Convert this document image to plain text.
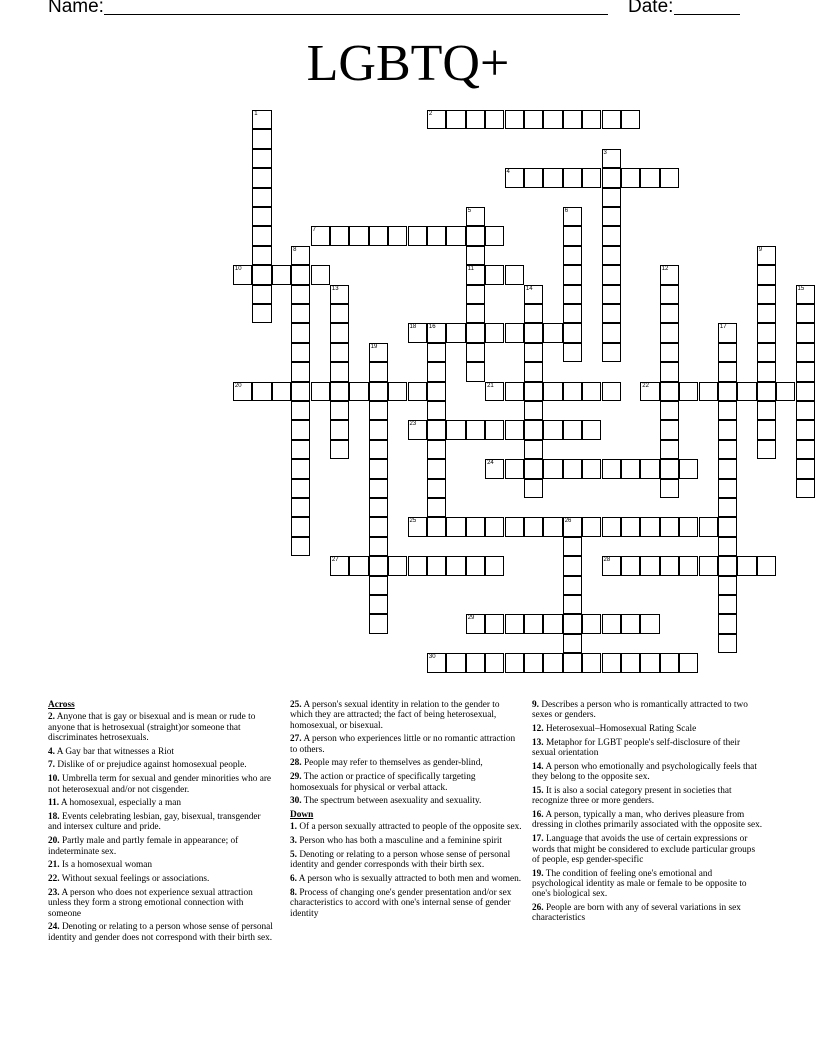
Name:	Date:
LGBTQ+
1	2
3
4
5
11
6
7
8	9
10	12
13	14	15
16	17
18
19
20	21	22
23
24
25	26
27	28
29
30

Across

2. Anyone that is gay or bisexual and is mean or rude to anyone that is hetrosexual (straight)or someone that discriminates hetrosexuals.

4. A Gay bar that witnesses a Riot

7. Dislike of or prejudice against homosexual people.

10. Umbrella term for sexual and gender minorities who are not heterosexual and/or not cisgender.

11. A homosexual, especially a man

18. Events celebrating lesbian, gay, bisexual, transgender and intersex culture and pride.

20. Partly male and partly female in appearance; of indeterminate sex.

21. Is a homosexual woman

22. Without sexual feelings or associations.

23. A person who does not experience sexual attraction unless they form a strong emotional connection with someone

24. Denoting or relating to a person whose sense of personal identity and gender does not correspond with their birth sex.

25. A person's sexual identity in relation to the gender to which they are attracted; the fact of being heterosexual, homosexual, or bisexual.

27. A person who experiences little or no romantic attraction to others.

28. People may refer to themselves as gender-blind,

29. The action or practice of specifically targeting homosexuals for physical or verbal attack.

30. The spectrum between asexuality and sexuality.

Down

1. Of a person sexually attracted to people of the opposite sex.

3. Person who has both a masculine and a feminine spirit

5. Denoting or relating to a person whose sense of personal identity and gender corresponds with their birth sex.

6. A person who is sexually attracted to both men and women.

8. Process of changing one's gender presentation and/or sex characteristics to accord with one's internal sense of gender identity

9. Describes a person who is romantically attracted to two sexes or genders.

12. Heterosexual–Homosexual Rating Scale

13. Metaphor for LGBT people's self-disclosure of their sexual orientation

14. A person who emotionally and psychologically feels that they belong to the opposite sex.

15. It is also a social category present in societies that recognize three or more genders.

16. A person, typically a man, who derives pleasure from dressing in clothes primarily associated with the opposite sex.

17. Language that avoids the use of certain expressions or words that might be considered to exclude particular groups of people, esp gender-specific

19. The condition of feeling one's emotional and psychological identity as male or female to be opposite to one's biological sex.

26. People are born with any of several variations in sex characteristics
